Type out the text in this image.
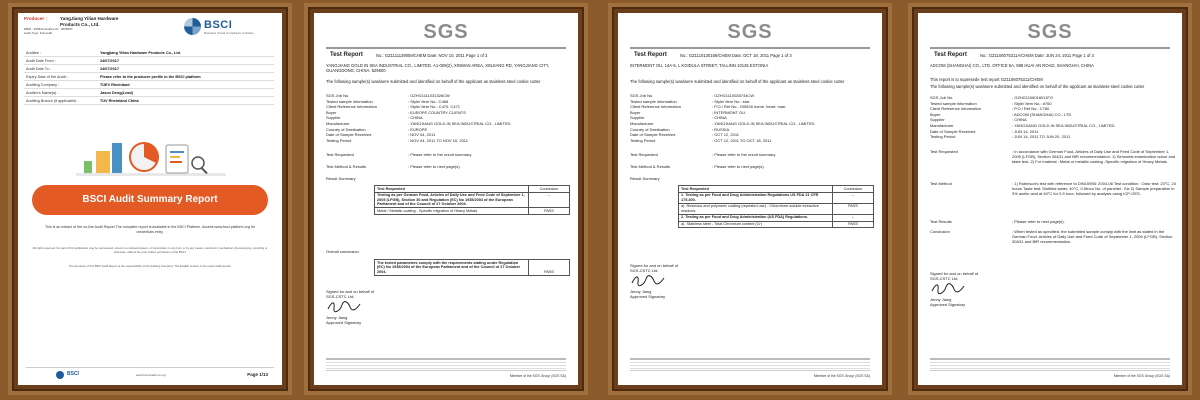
Producer :	YangJiang Yilian Hardware Products Co., Ltd.
DBID : 395843 Auditee ID : 3665507
Audit Type: Full audit
BSCI
Business Social Compliance Initiative
Auditee :	Yangjiang Yilian Hardware Products Co., Ltd.
Audit Date From :	24/07/2017
Audit Date To :	24/07/2017
Expiry Date of the Audit :	Please refer to the producer profile in the BSCI platform
Auditing Company :	TUEV Rheinland
Auditor's Name(s) :	Jason Deng(Lead)
Auditing Branch (if applicable) :	TUV Rheinland China
BSCI Audit Summary Report
This is an extract of the on-line Audit Report.The complete report is available in the BSCI Platform. Access www.bsci-platform.org for credentials entry.
All rights reserved. No part of this publication may be reproduced, stored in a retrieval system, or transmitted, in any form or by any means, electronic, mechanical, photocopying, recording or otherwise, without the prior written permission of the BSCI.
The accuracy of this BSCI Audit Report is the responsibility of the Auditing Company. The English version of the report shall prevail.
BSCI	www.bsci-platform.org	Page 1/13
SGS
Test Report	No.: GZ1111139059/CHEM Date: NOV 10, 2011 Page 1 of 3
YANGJIANG GOLD IN SEA INDUSTRIAL CO., LIMITED. A1-009(2), XINWAN AREA, XINJIANG RD, YANGJIANG CITY, GUANGDONG, CHINA. 529500
The following sample(s) was/were submitted and identified on behalf of the applicant as stainless steel cookie cutter
SGS Job No.	: GZHG1111031326CW
Tested sample information	: Style/ Item No.: C468
Client Reference Information	: Style/ Item No.: C470, C471
Buyer	: EUROPE COUNTRY CLIENTS
Supplier	: CHINA
Manufacturer	: YANGJIANG GOLD IN SEA INDUSTRIAL CO., LIMITED.
Country of Destination	: EUROPE
Date of Sample Received	: NOV 04, 2011
Testing Period	: NOV 04, 2011 TO NOV 10, 2011
Test Requested	: Please refer to the result summary.
Test Method & Results	: Please refer to next page(s).
Result Summary
Test Requested	Conclusion
Testing as per German Food, Articles of Daily Use and Feed Code of September 1, 2005 (LFGB), Section 30 and Regulation (EC) No 1935/2004 of the European Parliament and of the Council of 27 October 2004.	--
Metal / Metallic coating - Specific migration of Heavy Metals	PASS
Overall conclusion
The tested parameters comply with the requirements stating under Regulation (EC) No 1935/2004 of the European Parliament and of the Council of 27 October 2004.	PASS
Signed for and on behalf of
SGS-CSTC Ltd.
Jenny Jiang
Approved Signatory
Member of the SGS Group (SGS SA)
SGS
Test Report	No.: GZ1110130168/CHEM Date: OCT 18, 2011 Page 1 of 3
INTERMONT OU. 14A-5, L KOIDULA STREET, TALLINN 10125 ESTONIA
The following sample(s) was/were submitted and identified on behalf of the applicant as stainless steel cookie cutter
SGS Job No.	: GZHG1110028744CW
Tested sample information	: Style/ Item No.: star.
Client Reference Information	: P.O./ Ref No.: GI5928 home. heart. man.
Buyer	: INTERMONT OU.
Supplier	: CHINA
Manufacturer	: YANGJIANG GOLD IN SEA INDUSTRIAL CO., LIMITED.
Country of Destination	: RUSSIA
Date of Sample Received	: OCT 12, 2011
Testing Period	: OCT 12, 2011 TO OCT 18, 2011
Test Requested	: Please refer to the result summary.
Test Method & Results	: Please refer to next page(s).
Result Summary
Test Requested	Conclusion
1. Testing as per Food and Drug Administration Regulations US FDA 21 CFR 175.300.	--
a). Resinous and polymeric coating (repeated use) - Chloroform-soluble extractive residues	PASS
2. Testing as per Food and Drug Administration (US FDA) Regulations.	--
a). Stainless steel - Total Chromium content (Cr)	PASS
Signed for and on behalf of
SGS-CSTC Ltd.
Jenny Jiang
Approved Signatory
Member of the SGS Group (SGS SA)
SGS
Test Report	No.: GZ1106075311A/CHEM Date: JUN 24, 2011 Page 1 of 3
ADCOM (SHANGHAI) CO., LTD. OFFICE 5A, 888 HUAI AN ROAD, SHANGHAI, CHINA
This report is to supersede test report GZ1106075311/CHEM
The following sample(s) was/were submitted and identified on behalf of the applicant as stainless steel cookie cutter
SGS Job No.	: GZHG1106016011FG
Tested sample information	: Style/ Item No.: #760
Client Reference Information	: P.O./ Ref No.: C760
Buyer	: ADCOM (SHANGHAI) CO., LTD
Supplier	: CHINA
Manufacturer	: YANGJIANG GOLD IN SEA INDUSTRIAL CO., LIMITED.
Date of Sample Received	: JUN 14, 2011
Testing Period	: JUN 14, 2011 TO JUN 20, 2011
Test Requested	: In accordance with German Food, Articles of Daily Use and Feed Code of September 1, 2005 (LFGB), Section 30&31 and BfR recommendation. 1) Sensorial examination odour and taste test. 2) For material : Metal or metallic coating -Specific migration of Heavy Metals.
Test Method	: 1) Robinson's test with reference to DIN10955: 2004-06 Test condition : Odor test: 23°C, 24 hours Taste test: Distilled water, 40°C, 0.5hour No. of panelist : Six 2) Sample preparation in 3% acetic acid at 40°C for 0.5 hour, followed by analysis using ICP-OES.
Test Results	: Please refer to next page(s).
Conclusion	: When tested as specified, the submitted sample comply with the limit as stated in the German Food, Articles of Daily Use and Feed Code of September 1, 2005 (LFGB), Section 30&31 and BfR recommendation.
Signed for and on behalf of
SGS-CSTC Ltd.
Jenny Jiang
Approved Signatory
Member of the SGS Group (SGS SA)
